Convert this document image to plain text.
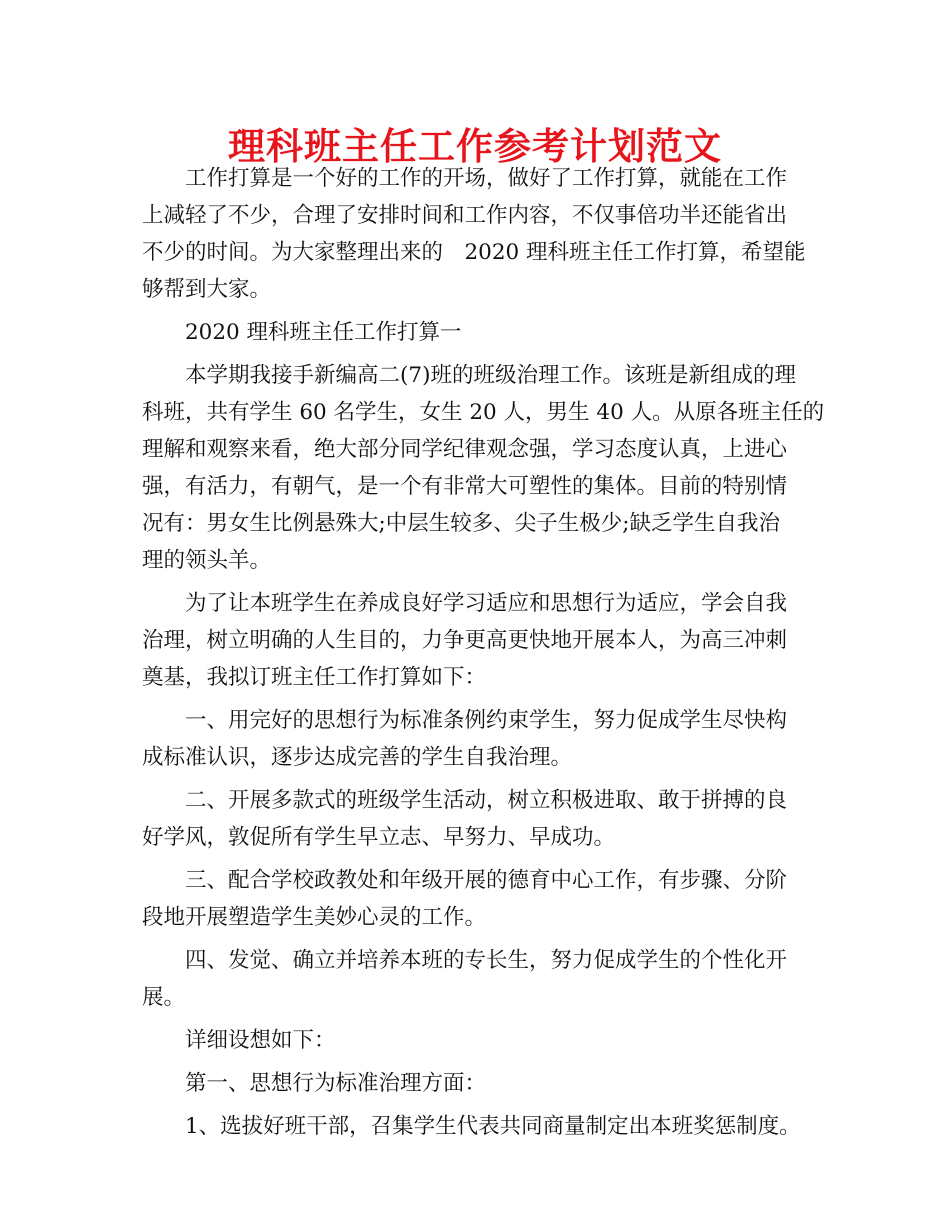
理科班主任工作参考计划范文
工作打算是一个好的工作的开场，做好了工作打算，就能在工作
上减轻了不少，合理了安排时间和工作内容，不仅事倍功半还能省出
不少的时间。为大家整理出来的　2020 理科班主任工作打算，希望能
够帮到大家。
2020 理科班主任工作打算一
本学期我接手新编高二(7)班的班级治理工作。该班是新组成的理
科班，共有学生 60 名学生，女生 20 人，男生 40 人。从原各班主任的
理解和观察来看，绝大部分同学纪律观念强，学习态度认真，上进心
强，有活力，有朝气，是一个有非常大可塑性的集体。目前的特别情
况有：男女生比例悬殊大;中层生较多、尖子生极少;缺乏学生自我治
理的领头羊。
为了让本班学生在养成良好学习适应和思想行为适应，学会自我
治理，树立明确的人生目的，力争更高更快地开展本人，为高三冲刺
奠基，我拟订班主任工作打算如下：
一、用完好的思想行为标准条例约束学生，努力促成学生尽快构
成标准认识，逐步达成完善的学生自我治理。
二、开展多款式的班级学生活动，树立积极进取、敢于拼搏的良
好学风，敦促所有学生早立志、早努力、早成功。
三、配合学校政教处和年级开展的德育中心工作，有步骤、分阶
段地开展塑造学生美妙心灵的工作。
四、发觉、确立并培养本班的专长生，努力促成学生的个性化开
展。
详细设想如下：
第一、思想行为标准治理方面：
1、选拔好班干部，召集学生代表共同商量制定出本班奖惩制度。
